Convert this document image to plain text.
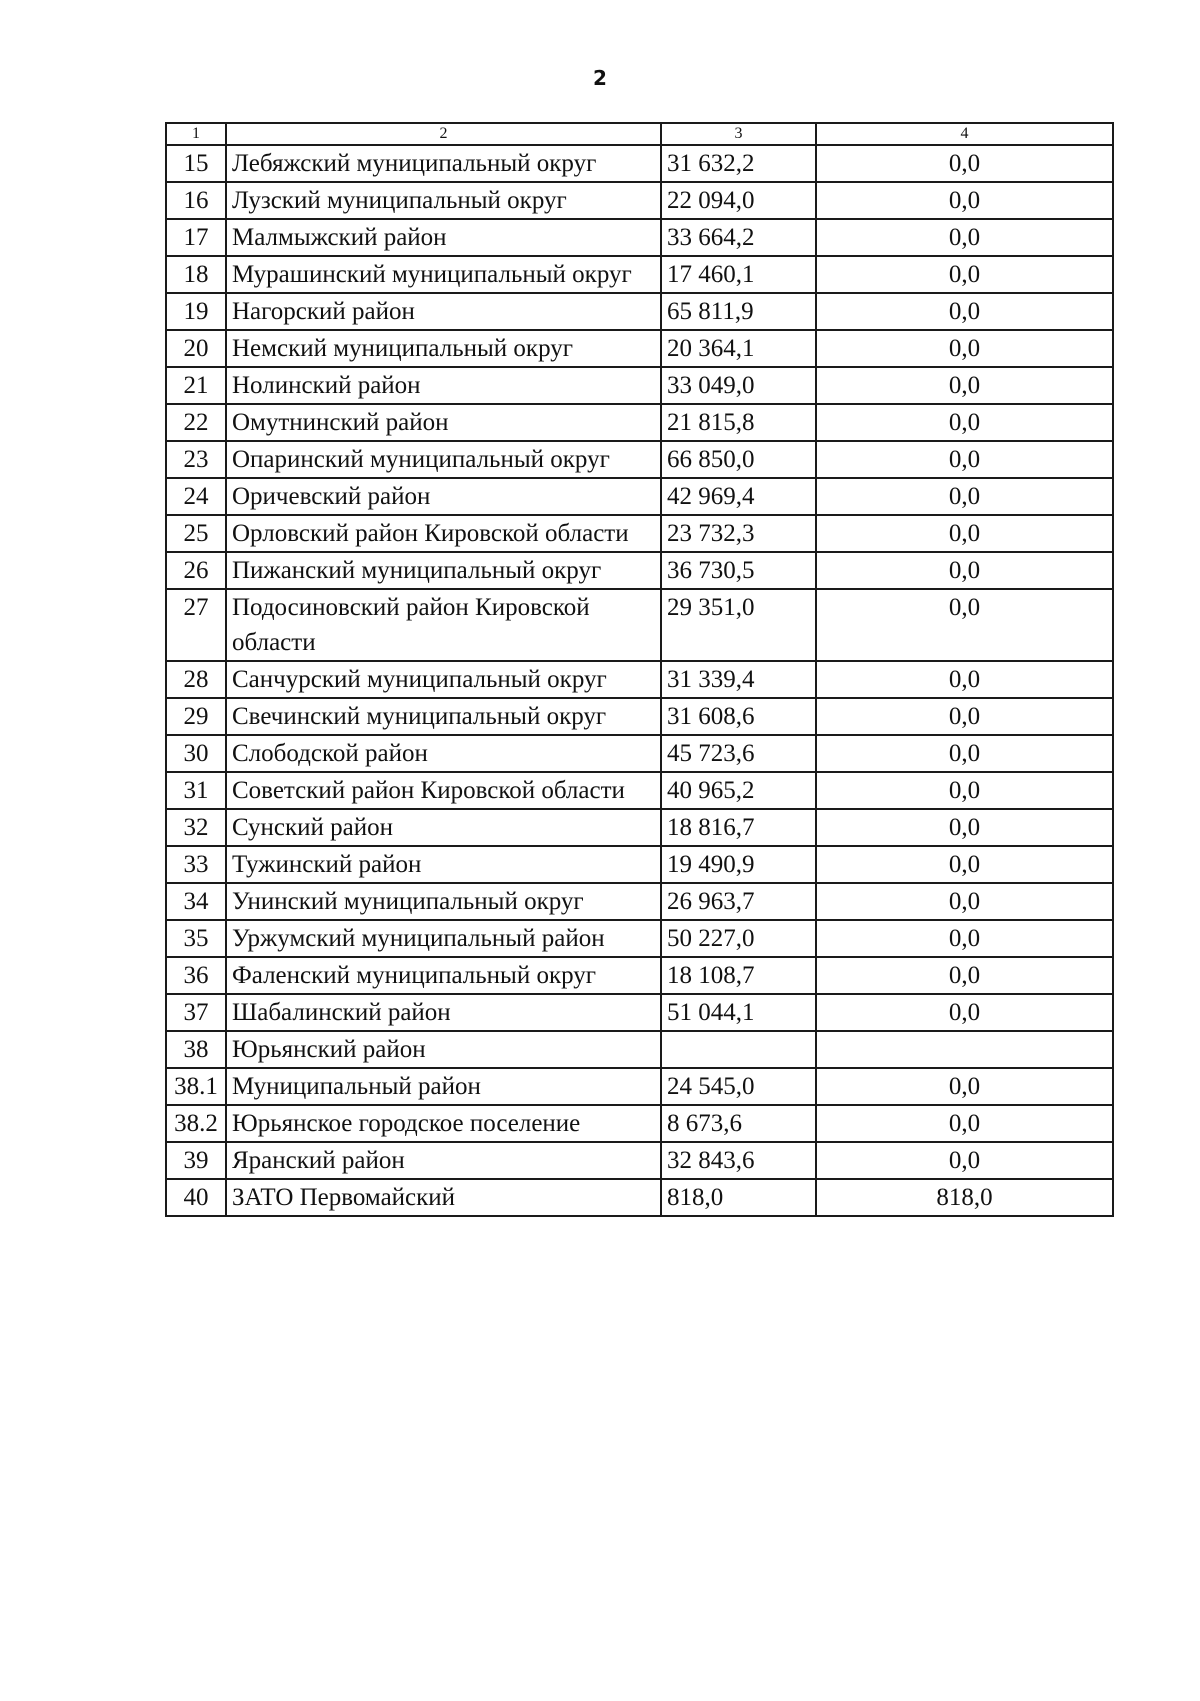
2
1	2	3	4
15	Лебяжский муниципальный округ	31 632,2	0,0
16	Лузский муниципальный округ	22 094,0	0,0
17	Малмыжский район	33 664,2	0,0
18	Мурашинский муниципальный округ	17 460,1	0,0
19	Нагорский район	65 811,9	0,0
20	Немский муниципальный округ	20 364,1	0,0
21	Нолинский район	33 049,0	0,0
22	Омутнинский район	21 815,8	0,0
23	Опаринский муниципальный округ	66 850,0	0,0
24	Оричевский район	42 969,4	0,0
25	Орловский район Кировской области	23 732,3	0,0
26	Пижанский муниципальный округ	36 730,5	0,0
27	Подосиновский район Кировской области	29 351,0	0,0
28	Санчурский муниципальный округ	31 339,4	0,0
29	Свечинский муниципальный округ	31 608,6	0,0
30	Слободской район	45 723,6	0,0
31	Советский район Кировской области	40 965,2	0,0
32	Сунский район	18 816,7	0,0
33	Тужинский район	19 490,9	0,0
34	Унинский муниципальный округ	26 963,7	0,0
35	Уржумский муниципальный район	50 227,0	0,0
36	Фаленский муниципальный округ	18 108,7	0,0
37	Шабалинский район	51 044,1	0,0
38	Юрьянский район		
38.1	Муниципальный район	24 545,0	0,0
38.2	Юрьянское городское поселение	8 673,6	0,0
39	Яранский район	32 843,6	0,0
40	ЗАТО Первомайский	818,0	818,0
